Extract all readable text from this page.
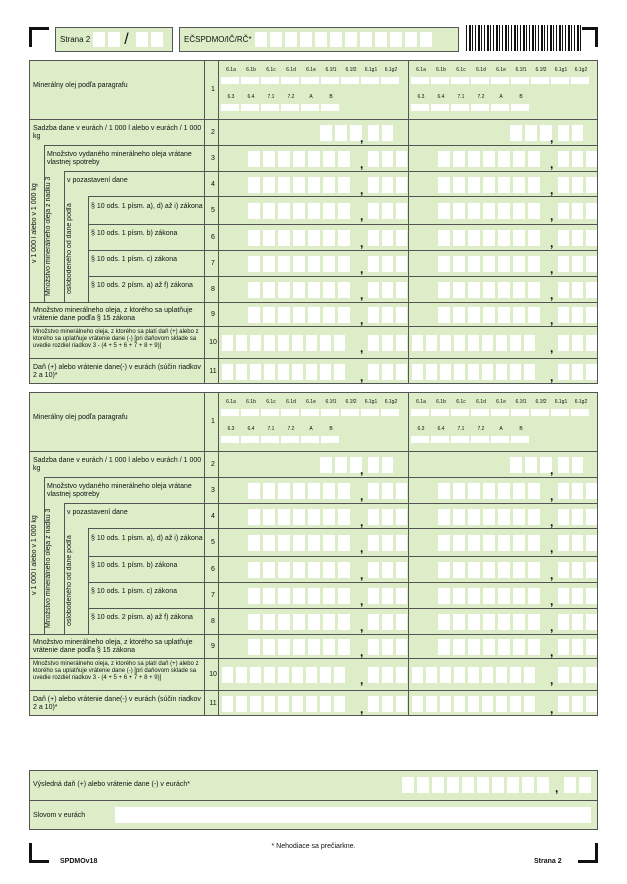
Strana 2 /	EČSPDMO/IČ/RČ*
Minerálny olej podľa paragrafu
1
6.1a	6.1b	6.1c	6.1d	6.1e	6.1f1	6.1f2	6.1g1	6.1g2
6.3	6.4	7.1	7.2	A	B
6.1a	6.1b	6.1c	6.1d	6.1e	6.1f1	6.1f2	6.1g1	6.1g2
6.3	6.4	7.1	7.2	A	B
Sadzba dane v eurách / 1 000 l alebo v eurách / 1 000 kg
2	,	,
Množstvo vydaného minerálneho oleja vrátane vlastnej spotreby
3	,	,
v pozastavení dane
4	,	,
§ 10 ods. 1 písm. a), d) až i) zákona
5	,	,
§ 10 ods. 1 písm. b) zákona
6	,	,
§ 10 ods. 1 písm. c) zákona
7	,	,
§ 10 ods. 2 písm. a) až f) zákona
8	,	,
Množstvo minerálneho oleja, z ktorého sa uplatňuje vrátenie dane podľa § 15 zákona
9	,	,
Množstvo minerálneho oleja, z ktorého sa platí daň (+) alebo z ktorého sa uplatňuje vrátenie dane (-) [pri daňovom sklade sa uvedie rozdiel riadkov 3 - (4 + 5 + 6 + 7 + 8 + 9)]	10	,	,
Daň (+) alebo vrátenie dane(-) v eurách (súčin riadkov 2 a 10)*
11	,	,
v 1 000 l alebo v 1 000 kg	Množstvo minerálneho oleja z riadku 3	oslobodeného od dane podľa
Minerálny olej podľa paragrafu
1
6.1a	6.1b	6.1c	6.1d	6.1e	6.1f1	6.1f2	6.1g1	6.1g2
6.3	6.4	7.1	7.2	A	B
6.1a	6.1b	6.1c	6.1d	6.1e	6.1f1	6.1f2	6.1g1	6.1g2
6.3	6.4	7.1	7.2	A	B
Sadzba dane v eurách / 1 000 l alebo v eurách / 1 000 kg
2	,	,
Množstvo vydaného minerálneho oleja vrátane vlastnej spotreby
3	,	,
v pozastavení dane
4	,	,
§ 10 ods. 1 písm. a), d) až i) zákona
5	,	,
§ 10 ods. 1 písm. b) zákona
6	,	,
§ 10 ods. 1 písm. c) zákona
7	,	,
§ 10 ods. 2 písm. a) až f) zákona
8	,	,
Množstvo minerálneho oleja, z ktorého sa uplatňuje vrátenie dane podľa § 15 zákona
9	,	,
Množstvo minerálneho oleja, z ktorého sa platí daň (+) alebo z ktorého sa uplatňuje vrátenie dane (-) [pri daňovom sklade sa uvedie rozdiel riadkov 3 - (4 + 5 + 6 + 7 + 8 + 9)]	10	,	,
Daň (+) alebo vrátenie dane(-) v eurách (súčin riadkov 2 a 10)*
11	,	,
v 1 000 l alebo v 1 000 kg	Množstvo minerálneho oleja z riadku 3	oslobodeného od dane podľa
Výsledná daň (+) alebo vrátenie dane (-) v eurách*	,
Slovom v eurách
* Nehodiace sa prečiarkne.
SPDMOv18	Strana 2
